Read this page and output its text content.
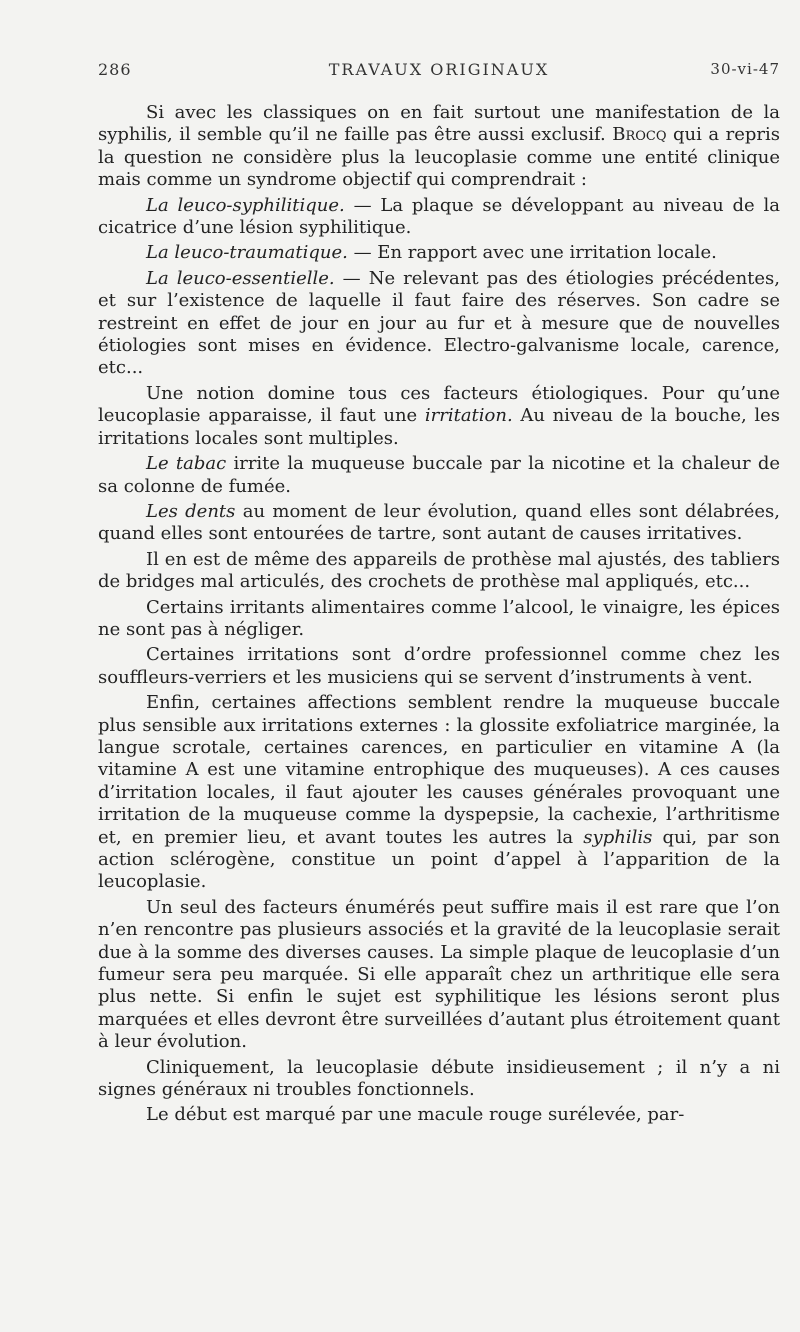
286	TRAVAUX ORIGINAUX	30-vi-47

Si avec les classiques on en fait surtout une manifestation de la syphilis, il semble qu’il ne faille pas être aussi exclusif. Brocq qui a repris la question ne considère plus la leucoplasie comme une entité clinique mais comme un syndrome objectif qui comprendrait :

La leuco-syphilitique. — La plaque se développant au niveau de la cicatrice d’une lésion syphilitique.

La leuco-traumatique. — En rapport avec une irritation locale.

La leuco-essentielle. — Ne relevant pas des étiologies précédentes, et sur l’existence de laquelle il faut faire des réserves. Son cadre se restreint en effet de jour en jour au fur et à mesure que de nouvelles étiologies sont mises en évidence. Electro-galvanisme locale, carence, etc...

Une notion domine tous ces facteurs étiologiques. Pour qu’une leucoplasie apparaisse, il faut une irritation. Au niveau de la bouche, les irritations locales sont multiples.

Le tabac irrite la muqueuse buccale par la nicotine et la chaleur de sa colonne de fumée.

Les dents au moment de leur évolution, quand elles sont délabrées, quand elles sont entourées de tartre, sont autant de causes irritatives.

Il en est de même des appareils de prothèse mal ajustés, des tabliers de bridges mal articulés, des crochets de prothèse mal appliqués, etc...

Certains irritants alimentaires comme l’alcool, le vinaigre, les épices ne sont pas à négliger.

Certaines irritations sont d’ordre professionnel comme chez les souffleurs-verriers et les musiciens qui se servent d’instruments à vent.

Enfin, certaines affections semblent rendre la muqueuse buccale plus sensible aux irritations externes : la glossite exfoliatrice marginée, la langue scrotale, certaines carences, en particulier en vitamine A (la vitamine A est une vitamine entrophique des muqueuses). A ces causes d’irritation locales, il faut ajouter les causes générales provoquant une irritation de la muqueuse comme la dyspepsie, la cachexie, l’arthritisme et, en premier lieu, et avant toutes les autres la syphilis qui, par son action sclérogène, constitue un point d’appel à l’apparition de la leucoplasie.

Un seul des facteurs énumérés peut suffire mais il est rare que l’on n’en rencontre pas plusieurs associés et la gravité de la leucoplasie serait due à la somme des diverses causes. La simple plaque de leucoplasie d’un fumeur sera peu marquée. Si elle apparaît chez un arthritique elle sera plus nette. Si enfin le sujet est syphilitique les lésions seront plus marquées et elles devront être surveillées d’autant plus étroitement quant à leur évolution.

Cliniquement, la leucoplasie débute insidieusement ; il n’y a ni signes généraux ni troubles fonctionnels.

Le début est marqué par une macule rouge surélevée, par-
